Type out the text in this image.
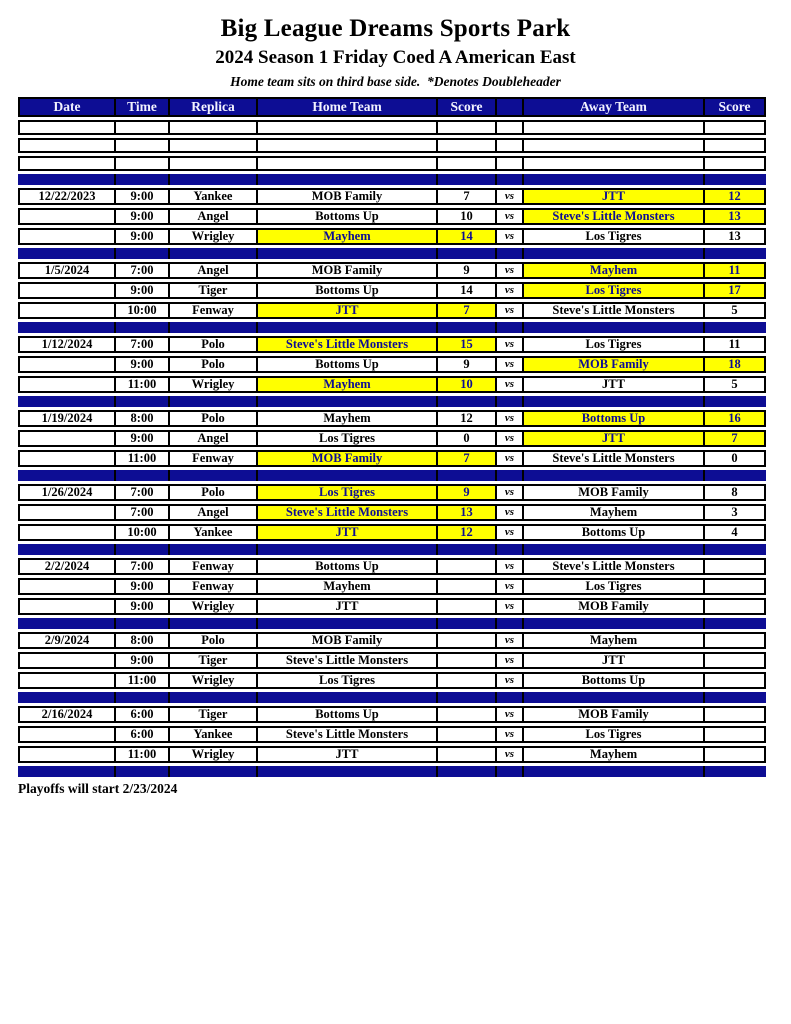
Big League Dreams Sports Park
2024 Season 1 Friday Coed A American East
Home team sits on third base side.  *Denotes Doubleheader
Date	Time	Replica	Home Team	Score	Away Team	Score
12/22/2023	9:00	Yankee	MOB Family	7	vs	JTT	12
9:00	Angel	Bottoms Up	10	vs	Steve's Little Monsters	13
9:00	Wrigley	Mayhem	14	vs	Los Tigres	13
1/5/2024	7:00	Angel	MOB Family	9	vs	Mayhem	11
9:00	Tiger	Bottoms Up	14	vs	Los Tigres	17
10:00	Fenway	JTT	7	vs	Steve's Little Monsters	5
1/12/2024	7:00	Polo	Steve's Little Monsters	15	vs	Los Tigres	11
9:00	Polo	Bottoms Up	9	vs	MOB Family	18
11:00	Wrigley	Mayhem	10	vs	JTT	5
1/19/2024	8:00	Polo	Mayhem	12	vs	Bottoms Up	16
9:00	Angel	Los Tigres	0	vs	JTT	7
11:00	Fenway	MOB Family	7	vs	Steve's Little Monsters	0
1/26/2024	7:00	Polo	Los Tigres	9	vs	MOB Family	8
7:00	Angel	Steve's Little Monsters	13	vs	Mayhem	3
10:00	Yankee	JTT	12	vs	Bottoms Up	4
2/2/2024	7:00	Fenway	Bottoms Up	vs	Steve's Little Monsters
9:00	Fenway	Mayhem	vs	Los Tigres
9:00	Wrigley	JTT	vs	MOB Family
2/9/2024	8:00	Polo	MOB Family	vs	Mayhem
9:00	Tiger	Steve's Little Monsters	vs	JTT
11:00	Wrigley	Los Tigres	vs	Bottoms Up
2/16/2024	6:00	Tiger	Bottoms Up	vs	MOB Family
6:00	Yankee	Steve's Little Monsters	vs	Los Tigres
11:00	Wrigley	JTT	vs	Mayhem
Playoffs will start 2/23/2024
